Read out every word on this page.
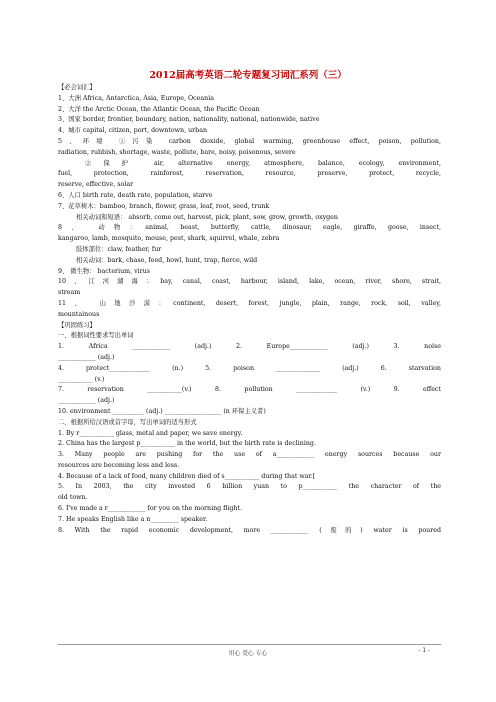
2012届高考英语二轮专题复习词汇系列（三）
【必会词汇】
1、大洲 Africa, Antarctica, Asia, Europe, Oceania
2、大洋 the Arctic Ocean, the Atlantic Ocean, the Pacific Ocean
3、国家 border, frontier, boundary, nation, nationality, national, nationwide, native
4、城市 capital, citizen, port, downtown, urban
5、环境 ①污染 carbon dioxide, global warming, greenhouse effect, poison, pollution,
radiation, rubbish, shortage, waste, pollute, bare, noisy, poisonous, severe
②保护 air, alternative energy, atmosphere, balance, ecology, environment,
fuel, protection, rainforest, reservation, resource, preserve, protect, recycle,
reserve, effective, solar
6、人口 birth rate, death rate, population, starve
7、花草树木：bamboo, branch, flower, grass, leaf, root, seed, trunk
相关动词和短语： absorb, come out, harvest, pick, plant, sow, grow, growth, oxygen
8、 动物：animal, beast, butterfly, cattle, dinosaur, eagle, giraffe, goose, insect,
kangaroo, lamb, mosquito, mouse, pest, shark, squirrel, whale, zebra
肢体部位：claw, feather, fur
相关动词：bark, chase, feed, howl, hunt, trap, fierce, wild
9、 微生物： bacterium, virus
10、江河湖海：bay, canal, coast, harbour, island, lake, ocean, river, shore, strait,
stream
11、 山地沙漠：continent, desert, forest, jungle, plain, range, rock, soil, valley,
mountainous
【巩固练习】
一、根据词性要求写出单词
1. Africa ____________ (adj.) 2. Europe____________ (adj.) 3. noise
____________ (adj.)
4. protect_____________ (n.) 5. poison ______________ (adj.) 6. starvation
___________ (v.)
7. reservation ___________(v.) 8. pollution _____________ (v.) 9. effect
____________ (adj.)
10. environment __________ (adj.) __________________ (n 环保主义者)
二、根据所给汉语或首字母，写出单词的适当形式
1. By r___________ glass, metal and paper, we save energy.
2. China has the largest p___________ in the world, but the birth rate is declining.
3. Many people are pushing for the use of a____________ energy sources because our
resources are becoming less and less.
4. Because of a lack of food, many children died of s___________ during that war.[
5. In 2003, the city invested 6 billion yuan to p___________ the character of the
old town.
6. I've made a r____________ for you on the morning flight.
7. He speaks English like a n_________ speaker.
8. With the rapid economic development, more ____________ (废的) water is poured
用心 爱心 专心	- 1 -
